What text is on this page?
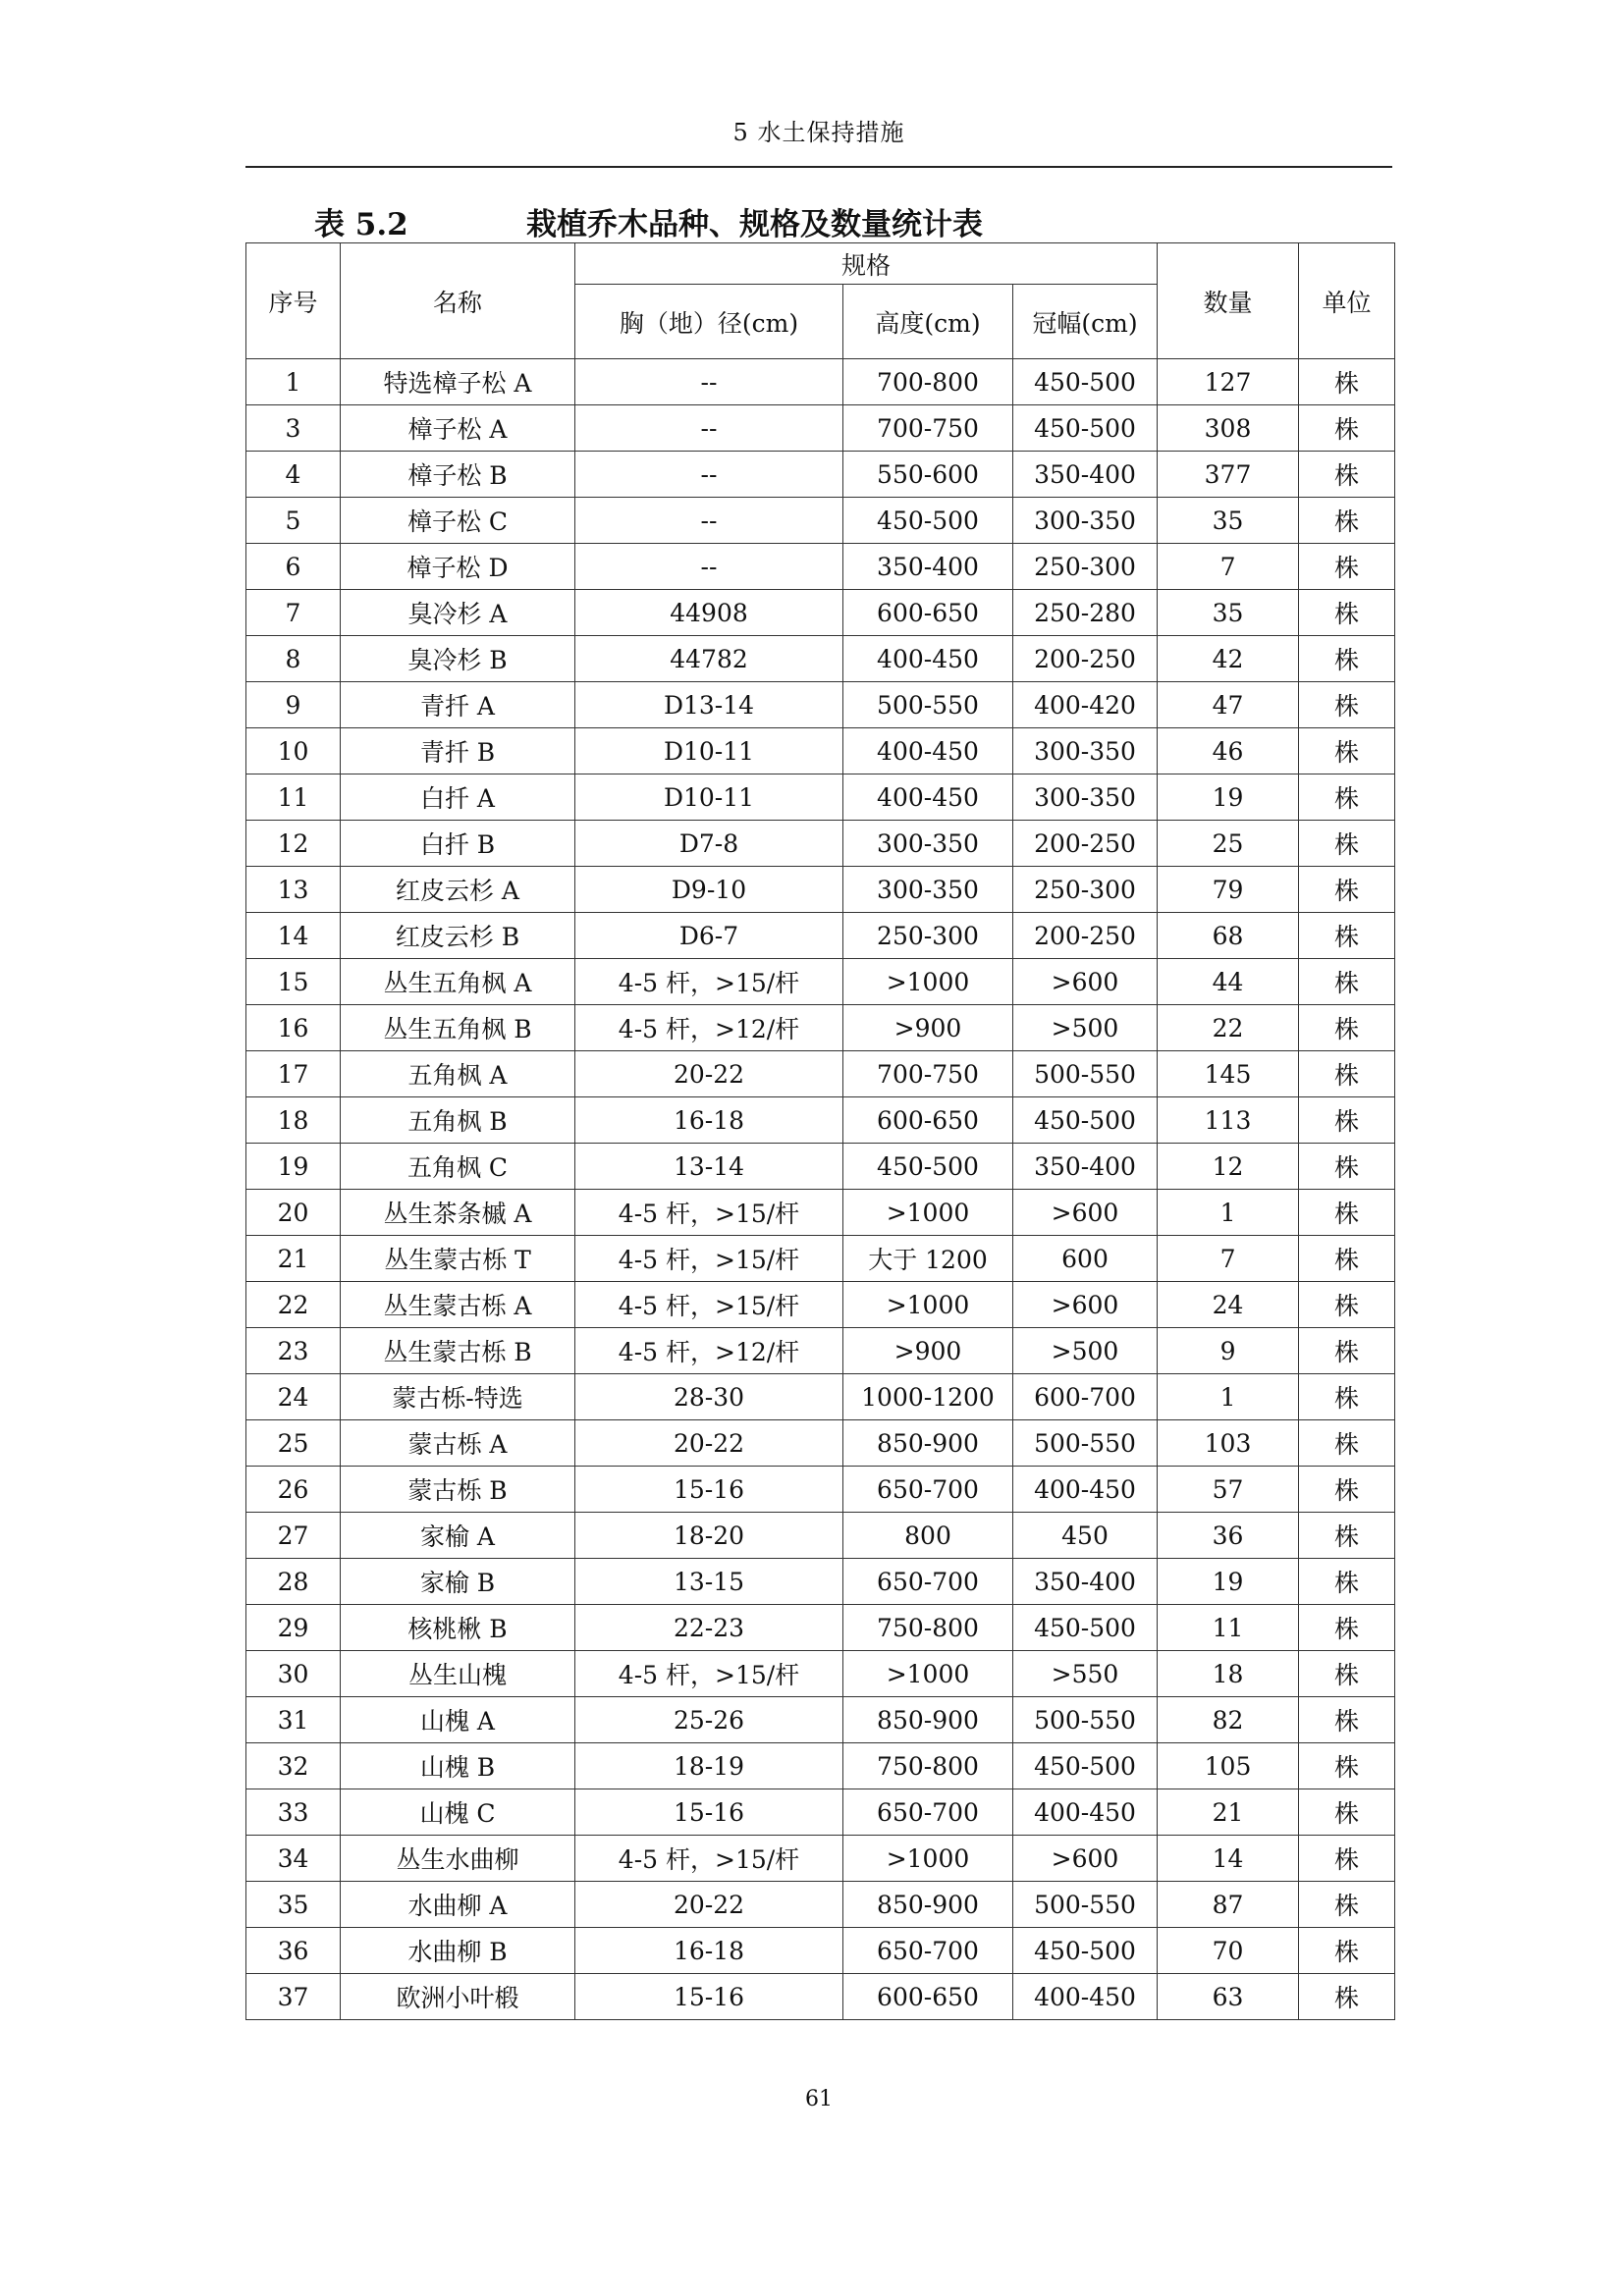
5 水土保持措施
表 5.2	栽植乔木品种、规格及数量统计表
序号	名称	规格			数量	单位
		胸（地）径(cm)	高度(cm)	冠幅(cm)		
1	特选樟子松 A	--	700-800	450-500	127	株
3	樟子松 A	--	700-750	450-500	308	株
4	樟子松 B	--	550-600	350-400	377	株
5	樟子松 C	--	450-500	300-350	35	株
6	樟子松 D	--	350-400	250-300	7	株
7	臭冷杉 A	44908	600-650	250-280	35	株
8	臭冷杉 B	44782	400-450	200-250	42	株
9	青扦 A	D13-14	500-550	400-420	47	株
10	青扦 B	D10-11	400-450	300-350	46	株
11	白扦 A	D10-11	400-450	300-350	19	株
12	白扦 B	D7-8	300-350	200-250	25	株
13	红皮云杉 A	D9-10	300-350	250-300	79	株
14	红皮云杉 B	D6-7	250-300	200-250	68	株
15	丛生五角枫 A	4-5 杆，>15/杆	>1000	>600	44	株
16	丛生五角枫 B	4-5 杆，>12/杆	>900	>500	22	株
17	五角枫 A	20-22	700-750	500-550	145	株
18	五角枫 B	16-18	600-650	450-500	113	株
19	五角枫 C	13-14	450-500	350-400	12	株
20	丛生茶条槭 A	4-5 杆，>15/杆	>1000	>600	1	株
21	丛生蒙古栎 T	4-5 杆，>15/杆	大于 1200	600	7	株
22	丛生蒙古栎 A	4-5 杆，>15/杆	>1000	>600	24	株
23	丛生蒙古栎 B	4-5 杆，>12/杆	>900	>500	9	株
24	蒙古栎-特选	28-30	1000-1200	600-700	1	株
25	蒙古栎 A	20-22	850-900	500-550	103	株
26	蒙古栎 B	15-16	650-700	400-450	57	株
27	家榆 A	18-20	800	450	36	株
28	家榆 B	13-15	650-700	350-400	19	株
29	核桃楸 B	22-23	750-800	450-500	11	株
30	丛生山槐	4-5 杆，>15/杆	>1000	>550	18	株
31	山槐 A	25-26	850-900	500-550	82	株
32	山槐 B	18-19	750-800	450-500	105	株
33	山槐 C	15-16	650-700	400-450	21	株
34	丛生水曲柳	4-5 杆，>15/杆	>1000	>600	14	株
35	水曲柳 A	20-22	850-900	500-550	87	株
36	水曲柳 B	16-18	650-700	450-500	70	株
37	欧洲小叶椴	15-16	600-650	400-450	63	株
61
